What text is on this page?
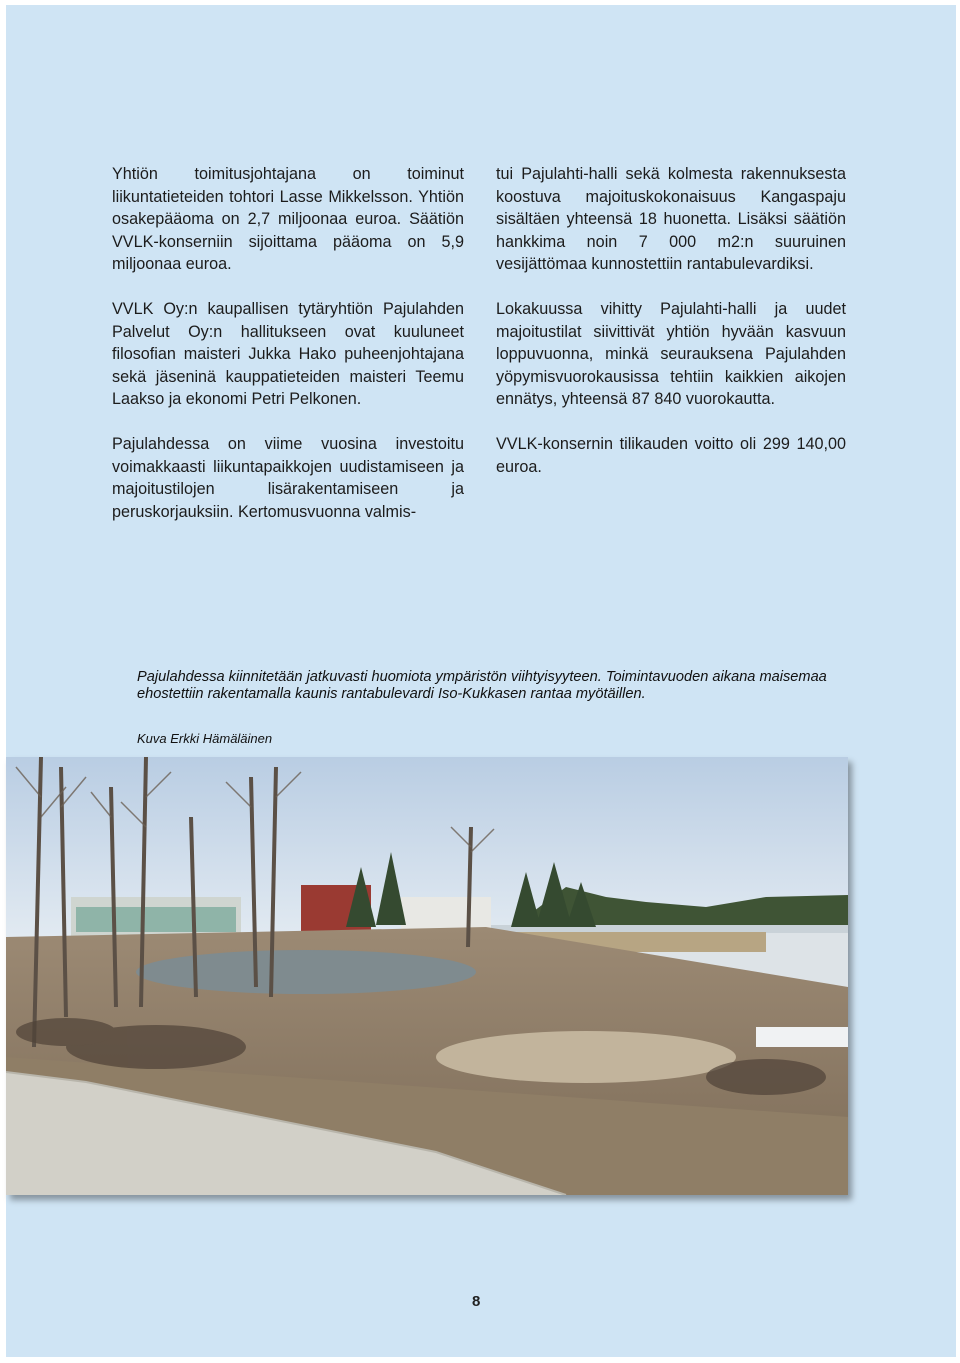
Yhtiön toimitusjohtajana on toiminut liikuntatieteiden tohtori Lasse Mikkelsson. Yhtiön osakepääoma on 2,7 miljoonaa euroa. Säätiön VVLK-konserniin sijoittama pääoma on 5,9 miljoonaa euroa.

VVLK Oy:n kaupallisen tytäryhtiön Pajulahden Palvelut Oy:n hallitukseen ovat kuuluneet filosofian maisteri Jukka Hako puheenjohtajana sekä jäseninä kauppatieteiden maisteri Teemu Laakso ja ekonomi Petri Pelkonen.

Pajulahdessa on viime vuosina investoitu voimakkaasti liikuntapaikkojen uudistamiseen ja majoitustilojen lisärakentamiseen ja peruskorjauksiin. Kertomusvuonna valmis-

tui Pajulahti-halli sekä kolmesta rakennuksesta koostuva majoituskokonaisuus Kangaspaju sisältäen yhteensä 18 huonetta. Lisäksi säätiön hankkima noin 7 000 m2:n suuruinen vesijättömaa kunnostettiin rantabulevardiksi.

Lokakuussa vihitty Pajulahti-halli ja uudet majoitustilat siivittivät yhtiön hyvään kasvuun loppuvuonna, minkä seurauksena Pajulahden yöpymisvuorokausissa tehtiin kaikkien aikojen ennätys, yhteensä 87 840 vuorokautta.

VVLK-konsernin tilikauden voitto oli 299 140,00 euroa.

Pajulahdessa kiinnitetään jatkuvasti huomiota ympäristön viihtyisyyteen. Toimintavuoden aikana maisemaa ehostettiin rakentamalla kaunis rantabulevardi Iso-Kukkasen rantaa myötäillen.
Kuva Erkki Hämäläinen
8
